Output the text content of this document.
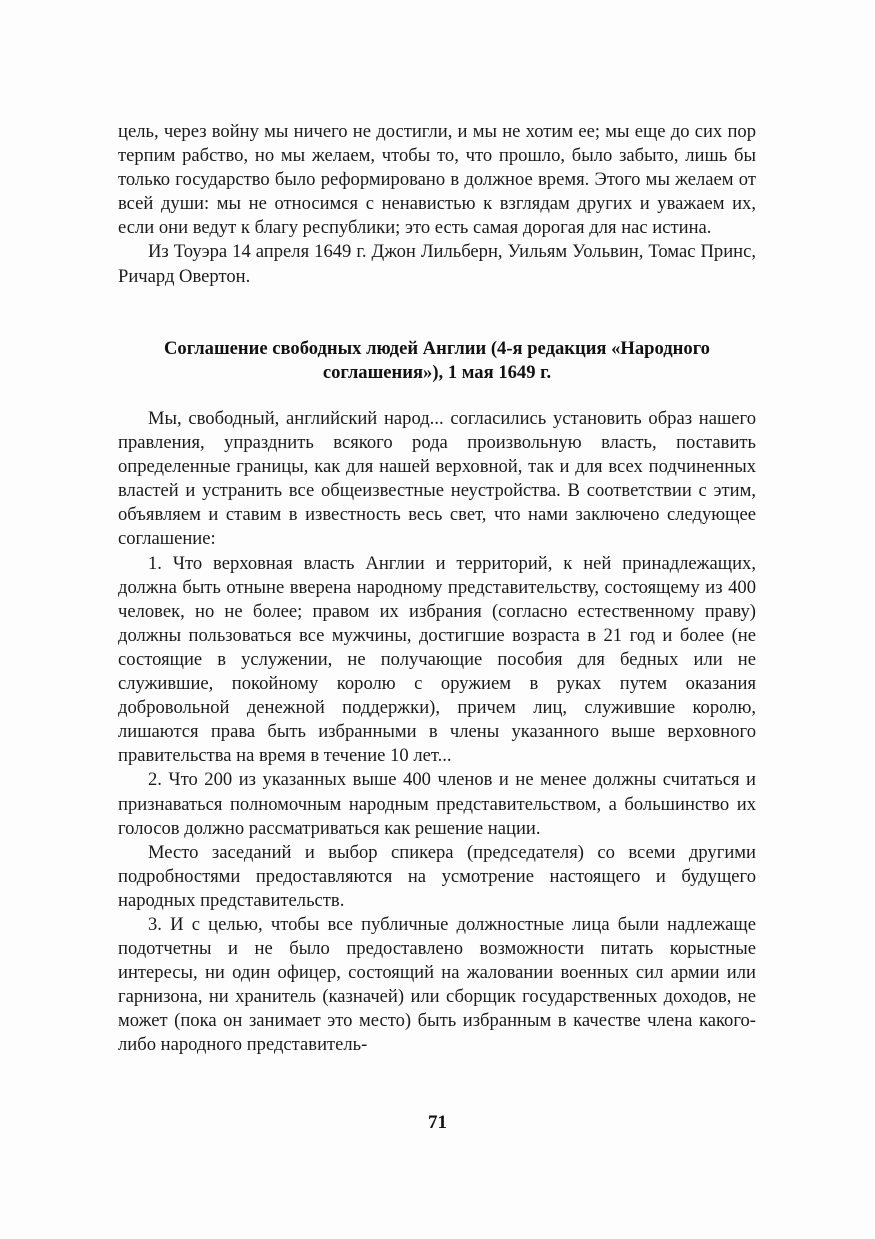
цель, через войну мы ничего не достигли, и мы не хотим ее; мы еще до сих пор терпим рабство, но мы желаем, чтобы то, что прошло, было забыто, лишь бы только государство было реформировано в должное время. Этого мы желаем от всей души: мы не относимся с ненавистью к взглядам других и уважаем их, если они ведут к благу республики; это есть самая дорогая для нас истина.

Из Тоуэра 14 апреля 1649 г. Джон Лильберн, Уильям Уольвин, Томас Принс, Ричард Овертон.

Соглашение свободных людей Англии (4-я редакция «Народного соглашения»), 1 мая 1649 г.

Мы, свободный, английский народ... согласились установить образ нашего правления, упразднить всякого рода произвольную власть, поставить определенные границы, как для нашей верховной, так и для всех подчиненных властей и устранить все общеизвестные неустройства. В соответствии с этим, объявляем и ставим в известность весь свет, что нами заключено следующее соглашение:

1. Что верховная власть Англии и территорий, к ней принадлежащих, должна быть отныне вверена народному представительству, состоящему из 400 человек, но не более; правом их избрания (согласно естественному праву) должны пользоваться все мужчины, достигшие возраста в 21 год и более (не состоящие в услужении, не получающие пособия для бедных или не служившие, покойному королю с оружием в руках путем оказания добровольной денежной поддержки), причем лиц, служившие королю, лишаются права быть избранными в члены указанного выше верховного правительства на время в течение 10 лет...

2. Что 200 из указанных выше 400 членов и не менее должны считаться и признаваться полномочным народным представительством, а большинство их голосов должно рассматриваться как решение нации.

Место заседаний и выбор спикера (председателя) со всеми другими подробностями предоставляются на усмотрение настоящего и будущего народных представительств.

3. И с целью, чтобы все публичные должностные лица были надлежаще подотчетны и не было предоставлено возможности питать корыстные интересы, ни один офицер, состоящий на жаловании военных сил армии или гарнизона, ни хранитель (казначей) или сборщик государственных доходов, не может (пока он занимает это место) быть избранным в качестве члена какого-либо народного представитель-

71
